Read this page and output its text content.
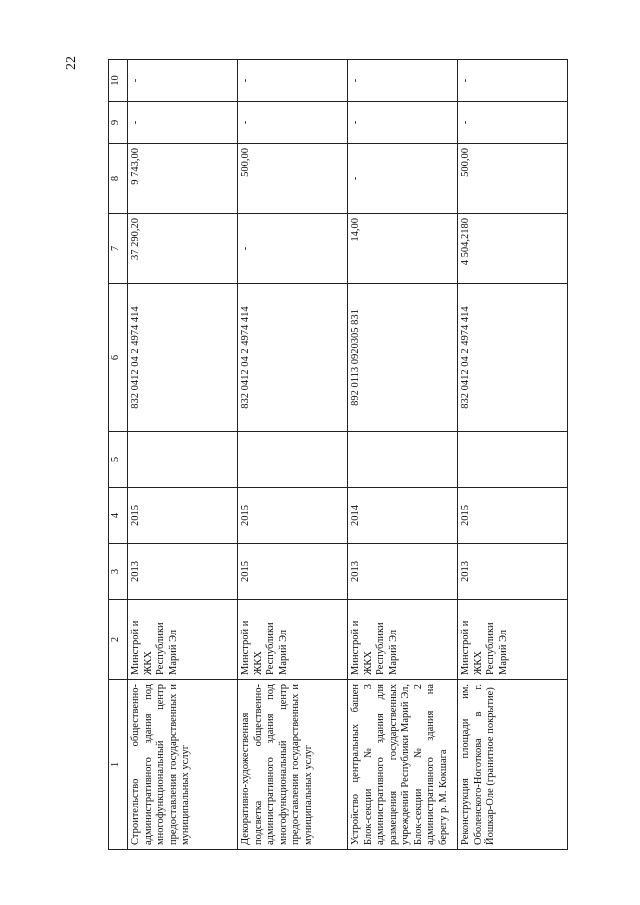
22
1	2	3	4	5	6	7	8	9	10
Строительство общественно-административного здания под многофункциональный центр предоставления государственных и муниципальных услуг	Минстрой и ЖКХ Республики Марий Эл	2013	2015		832 0412 04 2 4974 414	37 290,20	9 743,00	-	-
Декоративно-художественная подсветка общественно-административного здания под многофункциональный центр предоставления государственных и муниципальных услуг	Минстрой и ЖКХ Республики Марий Эл	2015	2015		832 0412 04 2 4974 414	-	500,00	-	-
Устройство центральных башен Блок-секции № 3 административного здания для размещения государственных учреждений Республики Марий Эл, Блок-секции № 2 административного здания на берегу р. М. Кокшага	Минстрой и ЖКХ Республики Марий Эл	2013	2014		892 0113 0920305 831	14,00	-	-	-
Реконструкция площади им. Оболенского-Ноготкова в г. Йошкар-Оле (гранитное покрытие)	Минстрой и ЖКХ Республики Марий Эл	2013	2015		832 0412 04 2 4974 414	4 504,2180	500,00	-	-
